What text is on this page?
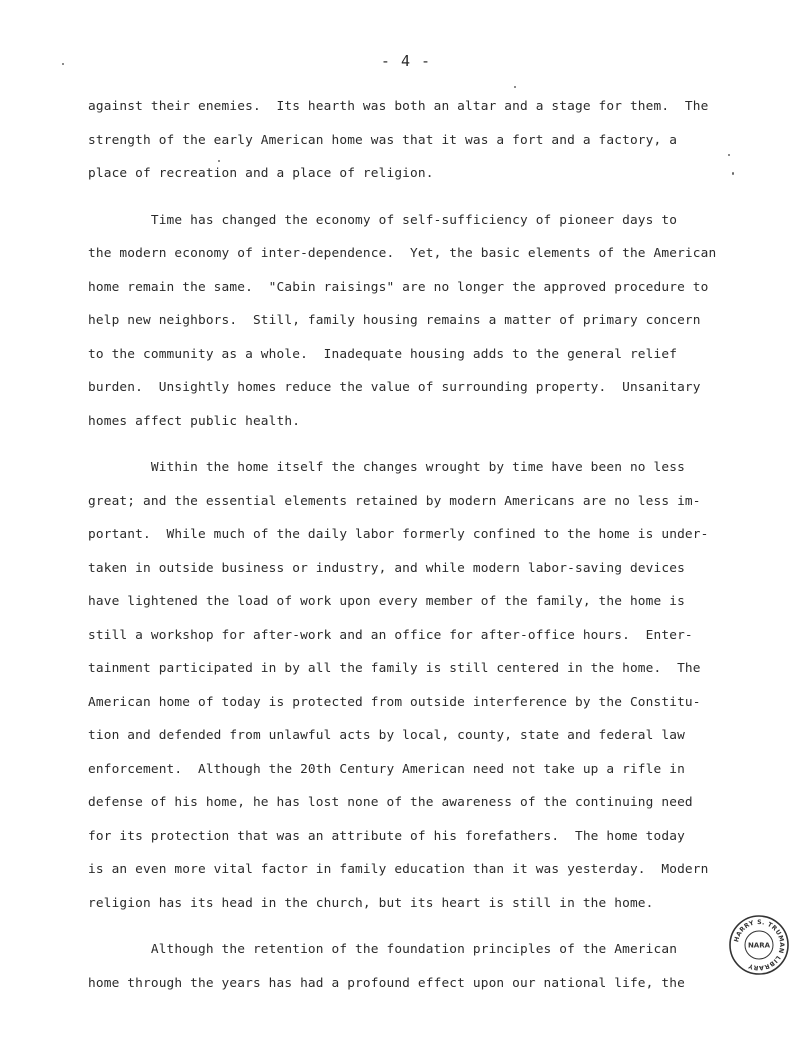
- 4 -
against their enemies.  Its hearth was both an altar and a stage for them.  The
strength of the early American home was that it was a fort and a factory, a
place of recreation and a place of religion.
Time has changed the economy of self-sufficiency of pioneer days to
the modern economy of inter-dependence.  Yet, the basic elements of the American
home remain the same.  "Cabin raisings" are no longer the approved procedure to
help new neighbors.  Still, family housing remains a matter of primary concern
to the community as a whole.  Inadequate housing adds to the general relief
burden.  Unsightly homes reduce the value of surrounding property.  Unsanitary
homes affect public health.
Within the home itself the changes wrought by time have been no less
great; and the essential elements retained by modern Americans are no less im-
portant.  While much of the daily labor formerly confined to the home is under-
taken in outside business or industry, and while modern labor-saving devices
have lightened the load of work upon every member of the family, the home is
still a workshop for after-work and an office for after-office hours.  Enter-
tainment participated in by all the family is still centered in the home.  The
American home of today is protected from outside interference by the Constitu-
tion and defended from unlawful acts by local, county, state and federal law
enforcement.  Although the 20th Century American need not take up a rifle in
defense of his home, he has lost none of the awareness of the continuing need
for its protection that was an attribute of his forefathers.  The home today
is an even more vital factor in family education than it was yesterday.  Modern
religion has its head in the church, but its heart is still in the home.
Although the retention of the foundation principles of the American
home through the years has had a profound effect upon our national life, the
HARRY S. TRUMAN LIBRARY
NARA
